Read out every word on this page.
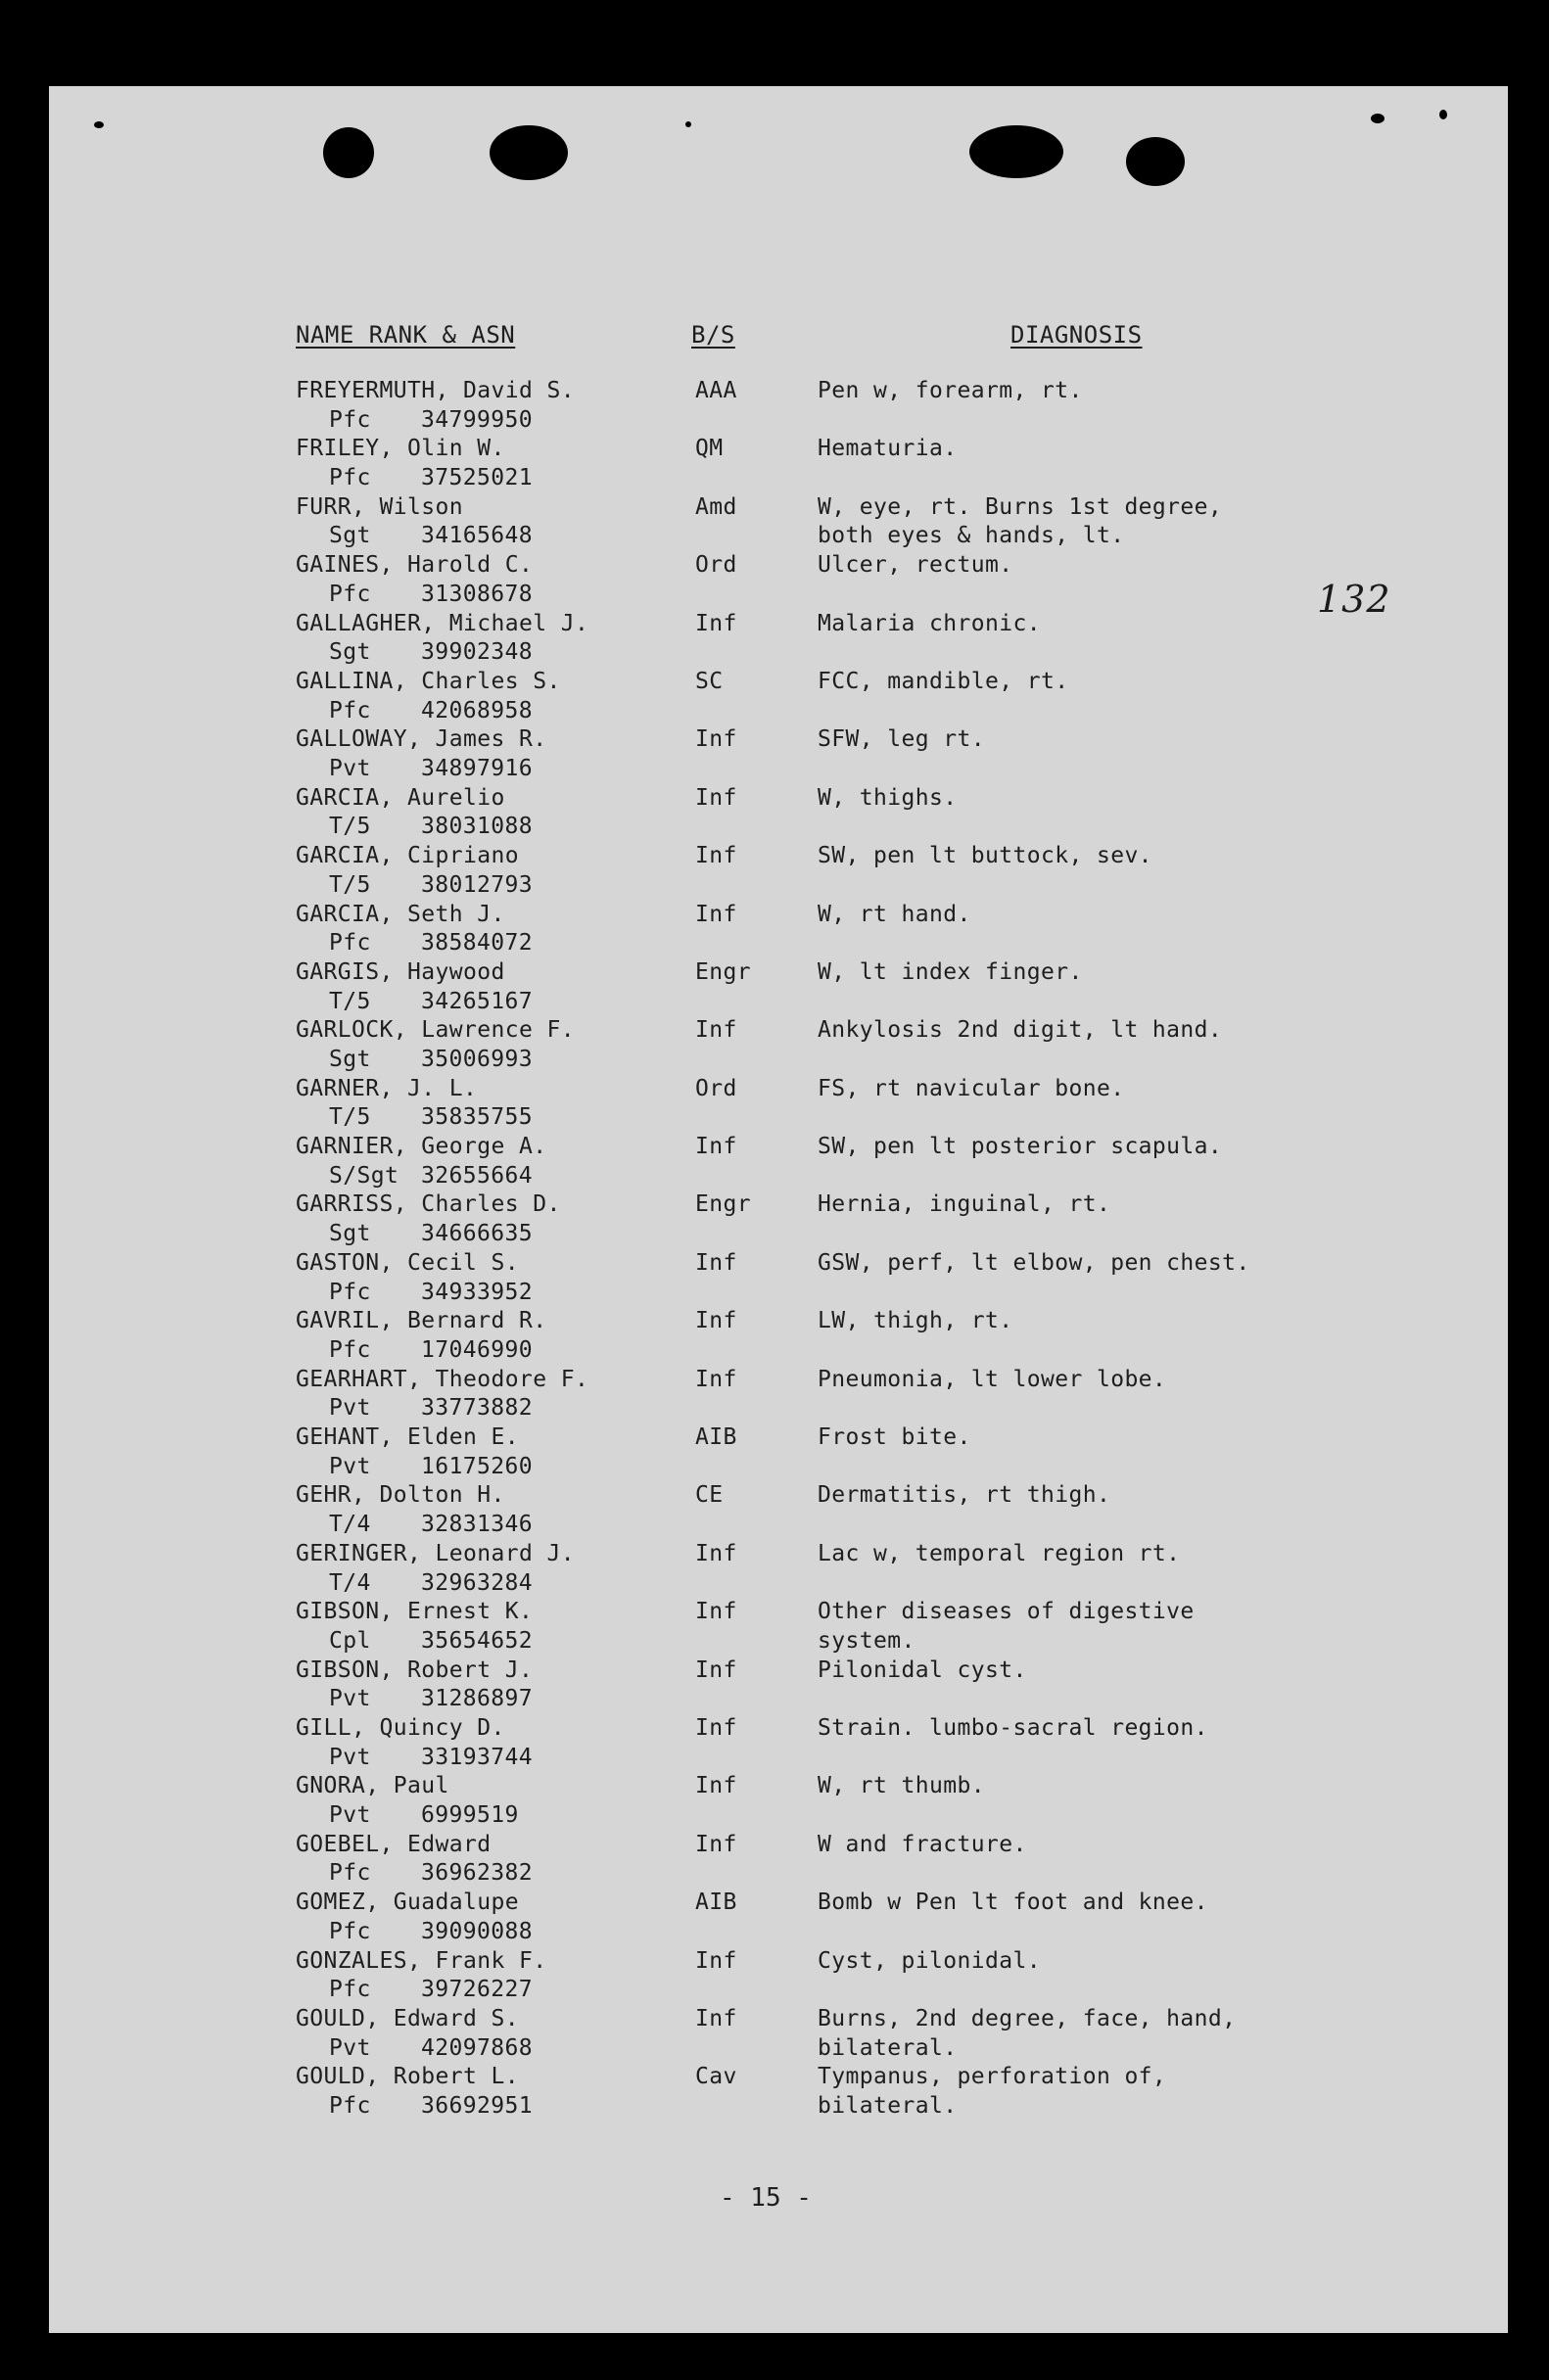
NAME RANK & ASN	B/S	DIAGNOSIS
132
FREYERMUTH, David S.
Pfc	34799950
AAA	Pen w, forearm, rt.
FRILEY, Olin W.
Pfc	37525021
QM	Hematuria.
FURR, Wilson
Sgt	34165648
Amd	W, eye, rt. Burns 1st degree,
both eyes & hands, lt.
GAINES, Harold C.
Pfc	31308678
Ord	Ulcer, rectum.
GALLAGHER, Michael J.
Sgt	39902348
Inf	Malaria chronic.
GALLINA, Charles S.
Pfc	42068958
SC	FCC, mandible, rt.
GALLOWAY, James R.
Pvt	34897916
Inf	SFW, leg rt.
GARCIA, Aurelio
T/5	38031088
Inf	W, thighs.
GARCIA, Cipriano
T/5	38012793
Inf	SW, pen lt buttock, sev.
GARCIA, Seth J.
Pfc	38584072
Inf	W, rt hand.
GARGIS, Haywood
T/5	34265167
Engr	W, lt index finger.
GARLOCK, Lawrence F.
Sgt	35006993
Inf	Ankylosis 2nd digit, lt hand.
GARNER, J. L.
T/5	35835755
Ord	FS, rt navicular bone.
GARNIER, George A.
S/Sgt 32655664
Inf	SW, pen lt posterior scapula.
GARRISS, Charles D.
Sgt	34666635
Engr	Hernia, inguinal, rt.
GASTON, Cecil S.
Pfc	34933952
Inf	GSW, perf, lt elbow, pen chest.
GAVRIL, Bernard R.
Pfc	17046990
Inf	LW, thigh, rt.
GEARHART, Theodore F.
Pvt	33773882
Inf	Pneumonia, lt lower lobe.
GEHANT, Elden E.
Pvt	16175260
AIB	Frost bite.
GEHR, Dolton H.
T/4	32831346
CE	Dermatitis, rt thigh.
GERINGER, Leonard J.
T/4	32963284
Inf	Lac w, temporal region rt.
GIBSON, Ernest K.
Cpl	35654652
Inf	Other diseases of digestive
system.
GIBSON, Robert J.
Pvt	31286897
Inf	Pilonidal cyst.
GILL, Quincy D.
Pvt	33193744
Inf	Strain. lumbo-sacral region.
GNORA, Paul
Pvt	6999519
Inf	W, rt thumb.
GOEBEL, Edward
Pfc	36962382
Inf	W and fracture.
GOMEZ, Guadalupe
Pfc	39090088
AIB	Bomb w Pen lt foot and knee.
GONZALES, Frank F.
Pfc	39726227
Inf	Cyst, pilonidal.
GOULD, Edward S.
Pvt	42097868
Inf	Burns, 2nd degree, face, hand,
bilateral.
GOULD, Robert L.
Pfc	36692951
Cav	Tympanus, perforation of,
bilateral.
- 15 -
